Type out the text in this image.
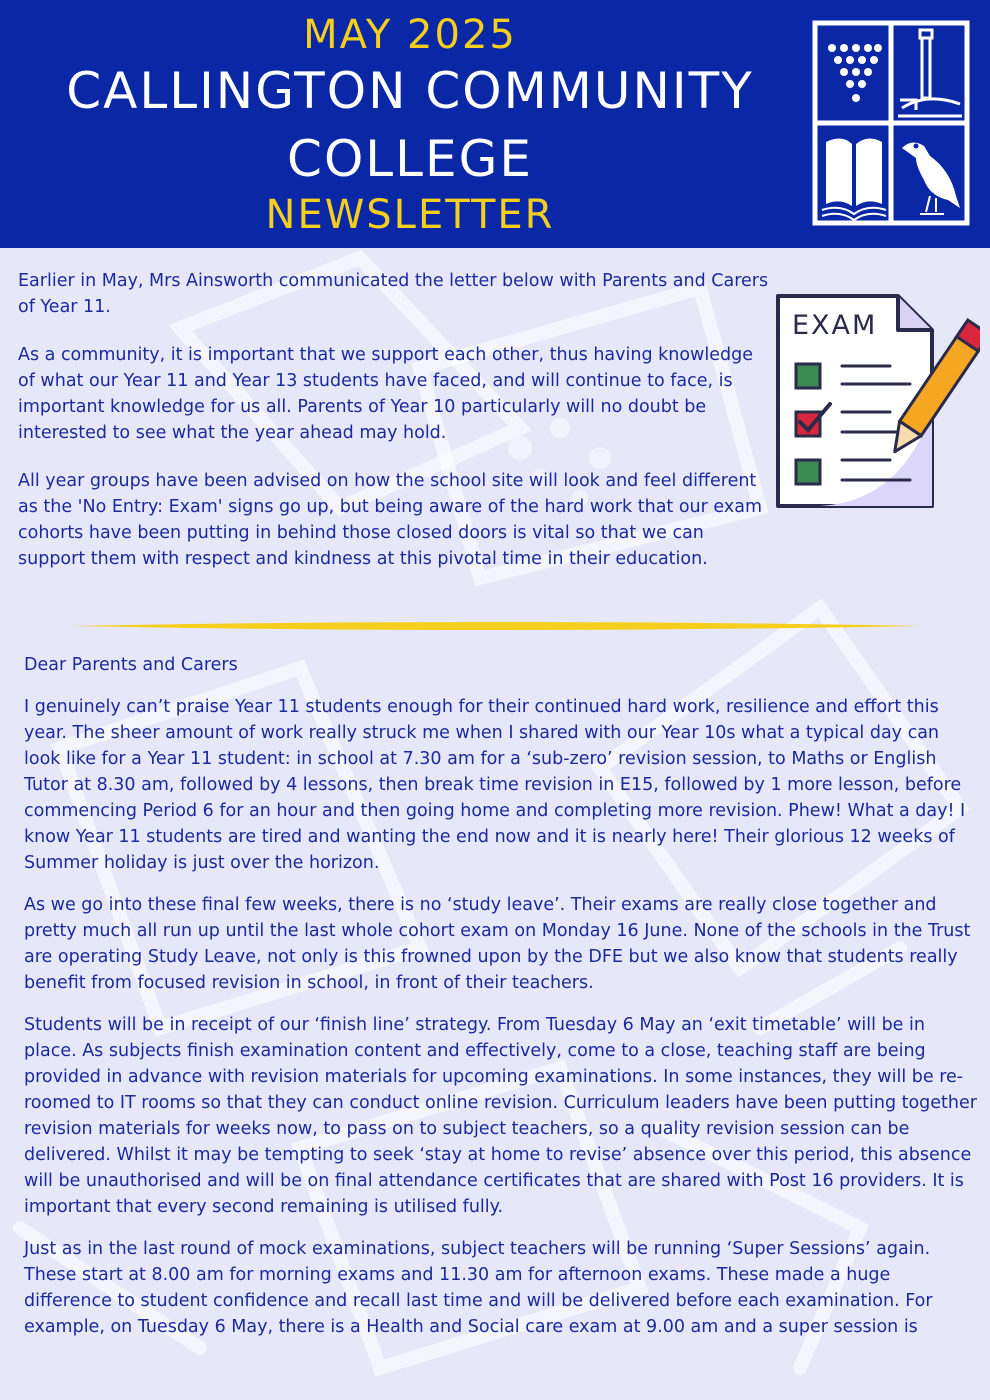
MAY 2025
CALLINGTON COMMUNITY
COLLEGE
NEWSLETTER

Earlier in May, Mrs Ainsworth communicated the letter below with Parents and Carers of Year 11.

As a community, it is important that we support each other, thus having knowledge of what our Year 11 and Year 13 students have faced, and will continue to face, is important knowledge for us all. Parents of Year 10 particularly will no doubt be interested to see what the year ahead may hold.

All year groups have been advised on how the school site will look and feel different as the 'No Entry: Exam' signs go up, but being aware of the hard work that our exam cohorts have been putting in behind those closed doors is vital so that we can support them with respect and kindness at this pivotal time in their education.

EXAM

Dear Parents and Carers

I genuinely can’t praise Year 11 students enough for their continued hard work, resilience and effort this year. The sheer amount of work really struck me when I shared with our Year 10s what a typical day can look like for a Year 11 student: in school at 7.30 am for a ‘sub-zero’ revision session, to Maths or English Tutor at 8.30 am, followed by 4 lessons, then break time revision in E15, followed by 1 more lesson, before commencing Period 6 for an hour and then going home and completing more revision. Phew! What a day! I know Year 11 students are tired and wanting the end now and it is nearly here! Their glorious 12 weeks of Summer holiday is just over the horizon.

As we go into these final few weeks, there is no ‘study leave’. Their exams are really close together and pretty much all run up until the last whole cohort exam on Monday 16 June. None of the schools in the Trust are operating Study Leave, not only is this frowned upon by the DFE but we also know that students really benefit from focused revision in school, in front of their teachers.

Students will be in receipt of our ‘finish line’ strategy. From Tuesday 6 May an ‘exit timetable’ will be in place. As subjects finish examination content and effectively, come to a close, teaching staff are being provided in advance with revision materials for upcoming examinations. In some instances, they will be re-roomed to IT rooms so that they can conduct online revision. Curriculum leaders have been putting together revision materials for weeks now, to pass on to subject teachers, so a quality revision session can be delivered. Whilst it may be tempting to seek ‘stay at home to revise’ absence over this period, this absence will be unauthorised and will be on final attendance certificates that are shared with Post 16 providers. It is important that every second remaining is utilised fully.

Just as in the last round of mock examinations, subject teachers will be running ‘Super Sessions’ again. These start at 8.00 am for morning exams and 11.30 am for afternoon exams. These made a huge difference to student confidence and recall last time and will be delivered before each examination. For example, on Tuesday 6 May, there is a Health and Social care exam at 9.00 am and a super session is
